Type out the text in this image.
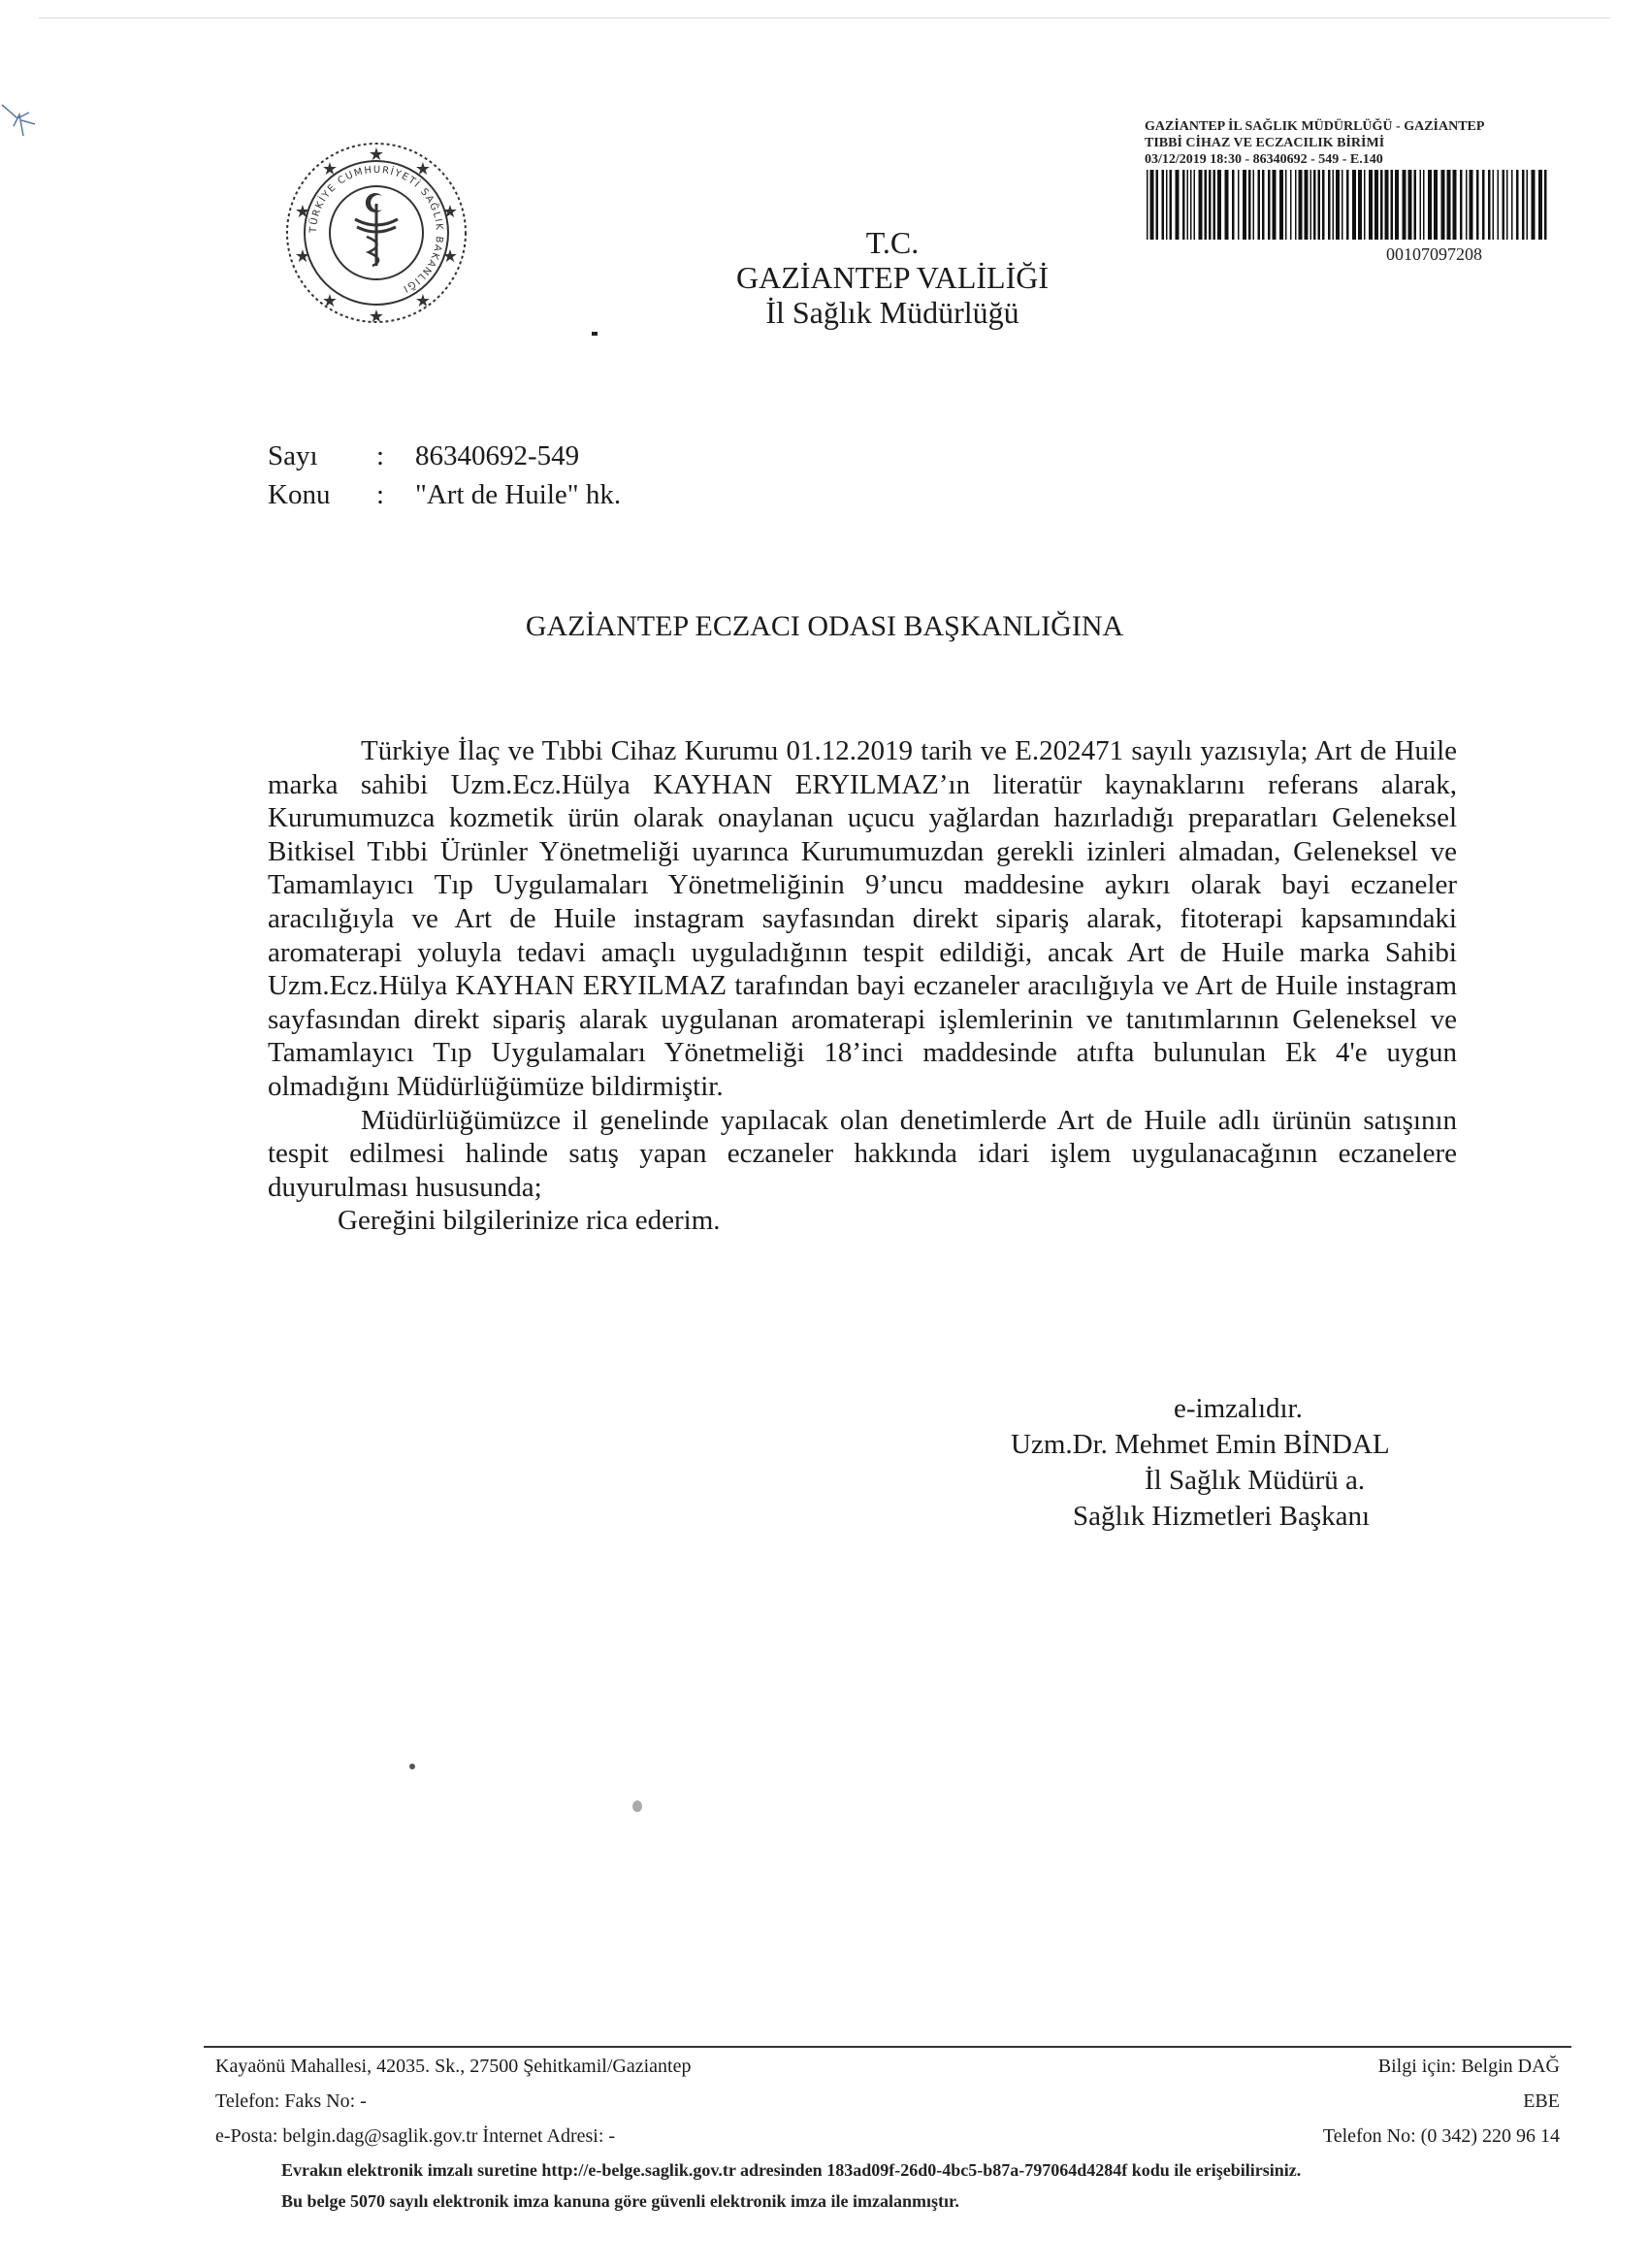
★
★
★
★
★
★
★
★
★
★
TÜRKİYE CUMHURİYETİ SAĞLIK BAKANLIĞI
T.C.
GAZİANTEP VALİLİĞİ
İl Sağlık Müdürlüğü
GAZİANTEP İL SAĞLIK MÜDÜRLÜĞÜ - GAZİANTEP
TIBBİ CİHAZ VE ECZACILIK BİRİMİ
03/12/2019 18:30 - 86340692 - 549 - E.140
00107097208
Sayı	:	86340692-549
Konu	:	"Art de Huile" hk.
GAZİANTEP ECZACI ODASI BAŞKANLIĞINA

Türkiye İlaç ve Tıbbi Cihaz Kurumu 01.12.2019 tarih ve E.202471 sayılı yazısıyla; Art de Huile marka sahibi Uzm.Ecz.Hülya KAYHAN ERYILMAZ’ın literatür kaynaklarını referans alarak, Kurumumuzca kozmetik ürün olarak onaylanan uçucu yağlardan hazırladığı preparatları Geleneksel Bitkisel Tıbbi Ürünler Yönetmeliği uyarınca Kurumumuzdan gerekli izinleri almadan, Geleneksel ve Tamamlayıcı Tıp Uygulamaları Yönetmeliğinin 9’uncu maddesine aykırı olarak bayi eczaneler aracılığıyla ve Art de Huile instagram sayfasından direkt sipariş alarak, fitoterapi kapsamındaki aromaterapi yoluyla tedavi amaçlı uyguladığının tespit edildiği, ancak Art de Huile marka Sahibi Uzm.Ecz.Hülya KAYHAN ERYILMAZ tarafından bayi eczaneler aracılığıyla ve Art de Huile instagram sayfasından direkt sipariş alarak uygulanan aromaterapi işlemlerinin ve tanıtımlarının Geleneksel ve Tamamlayıcı Tıp Uygulamaları Yönetmeliği 18’inci maddesinde atıfta bulunulan Ek 4'e uygun olmadığını Müdürlüğümüze bildirmiştir.

Müdürlüğümüzce il genelinde yapılacak olan denetimlerde Art de Huile adlı ürünün satışının tespit edilmesi halinde satış yapan eczaneler hakkında idari işlem uygulanacağının eczanelere duyurulması hususunda;

Gereğini bilgilerinize rica ederim.

e-imzalıdır.
Uzm.Dr. Mehmet Emin BİNDAL
İl Sağlık Müdürü a.
Sağlık Hizmetleri Başkanı
Kayaönü Mahallesi, 42035. Sk., 27500 Şehitkamil/Gaziantep	Bilgi için: Belgin DAĞ
Telefon: Faks No: -	EBE
e-Posta: belgin.dag@saglik.gov.tr İnternet Adresi: -	Telefon No: (0 342) 220 96 14
Evrakın elektronik imzalı suretine http://e-belge.saglik.gov.tr adresinden 183ad09f-26d0-4bc5-b87a-797064d4284f kodu ile erişebilirsiniz.
Bu belge 5070 sayılı elektronik imza kanuna göre güvenli elektronik imza ile imzalanmıştır.
